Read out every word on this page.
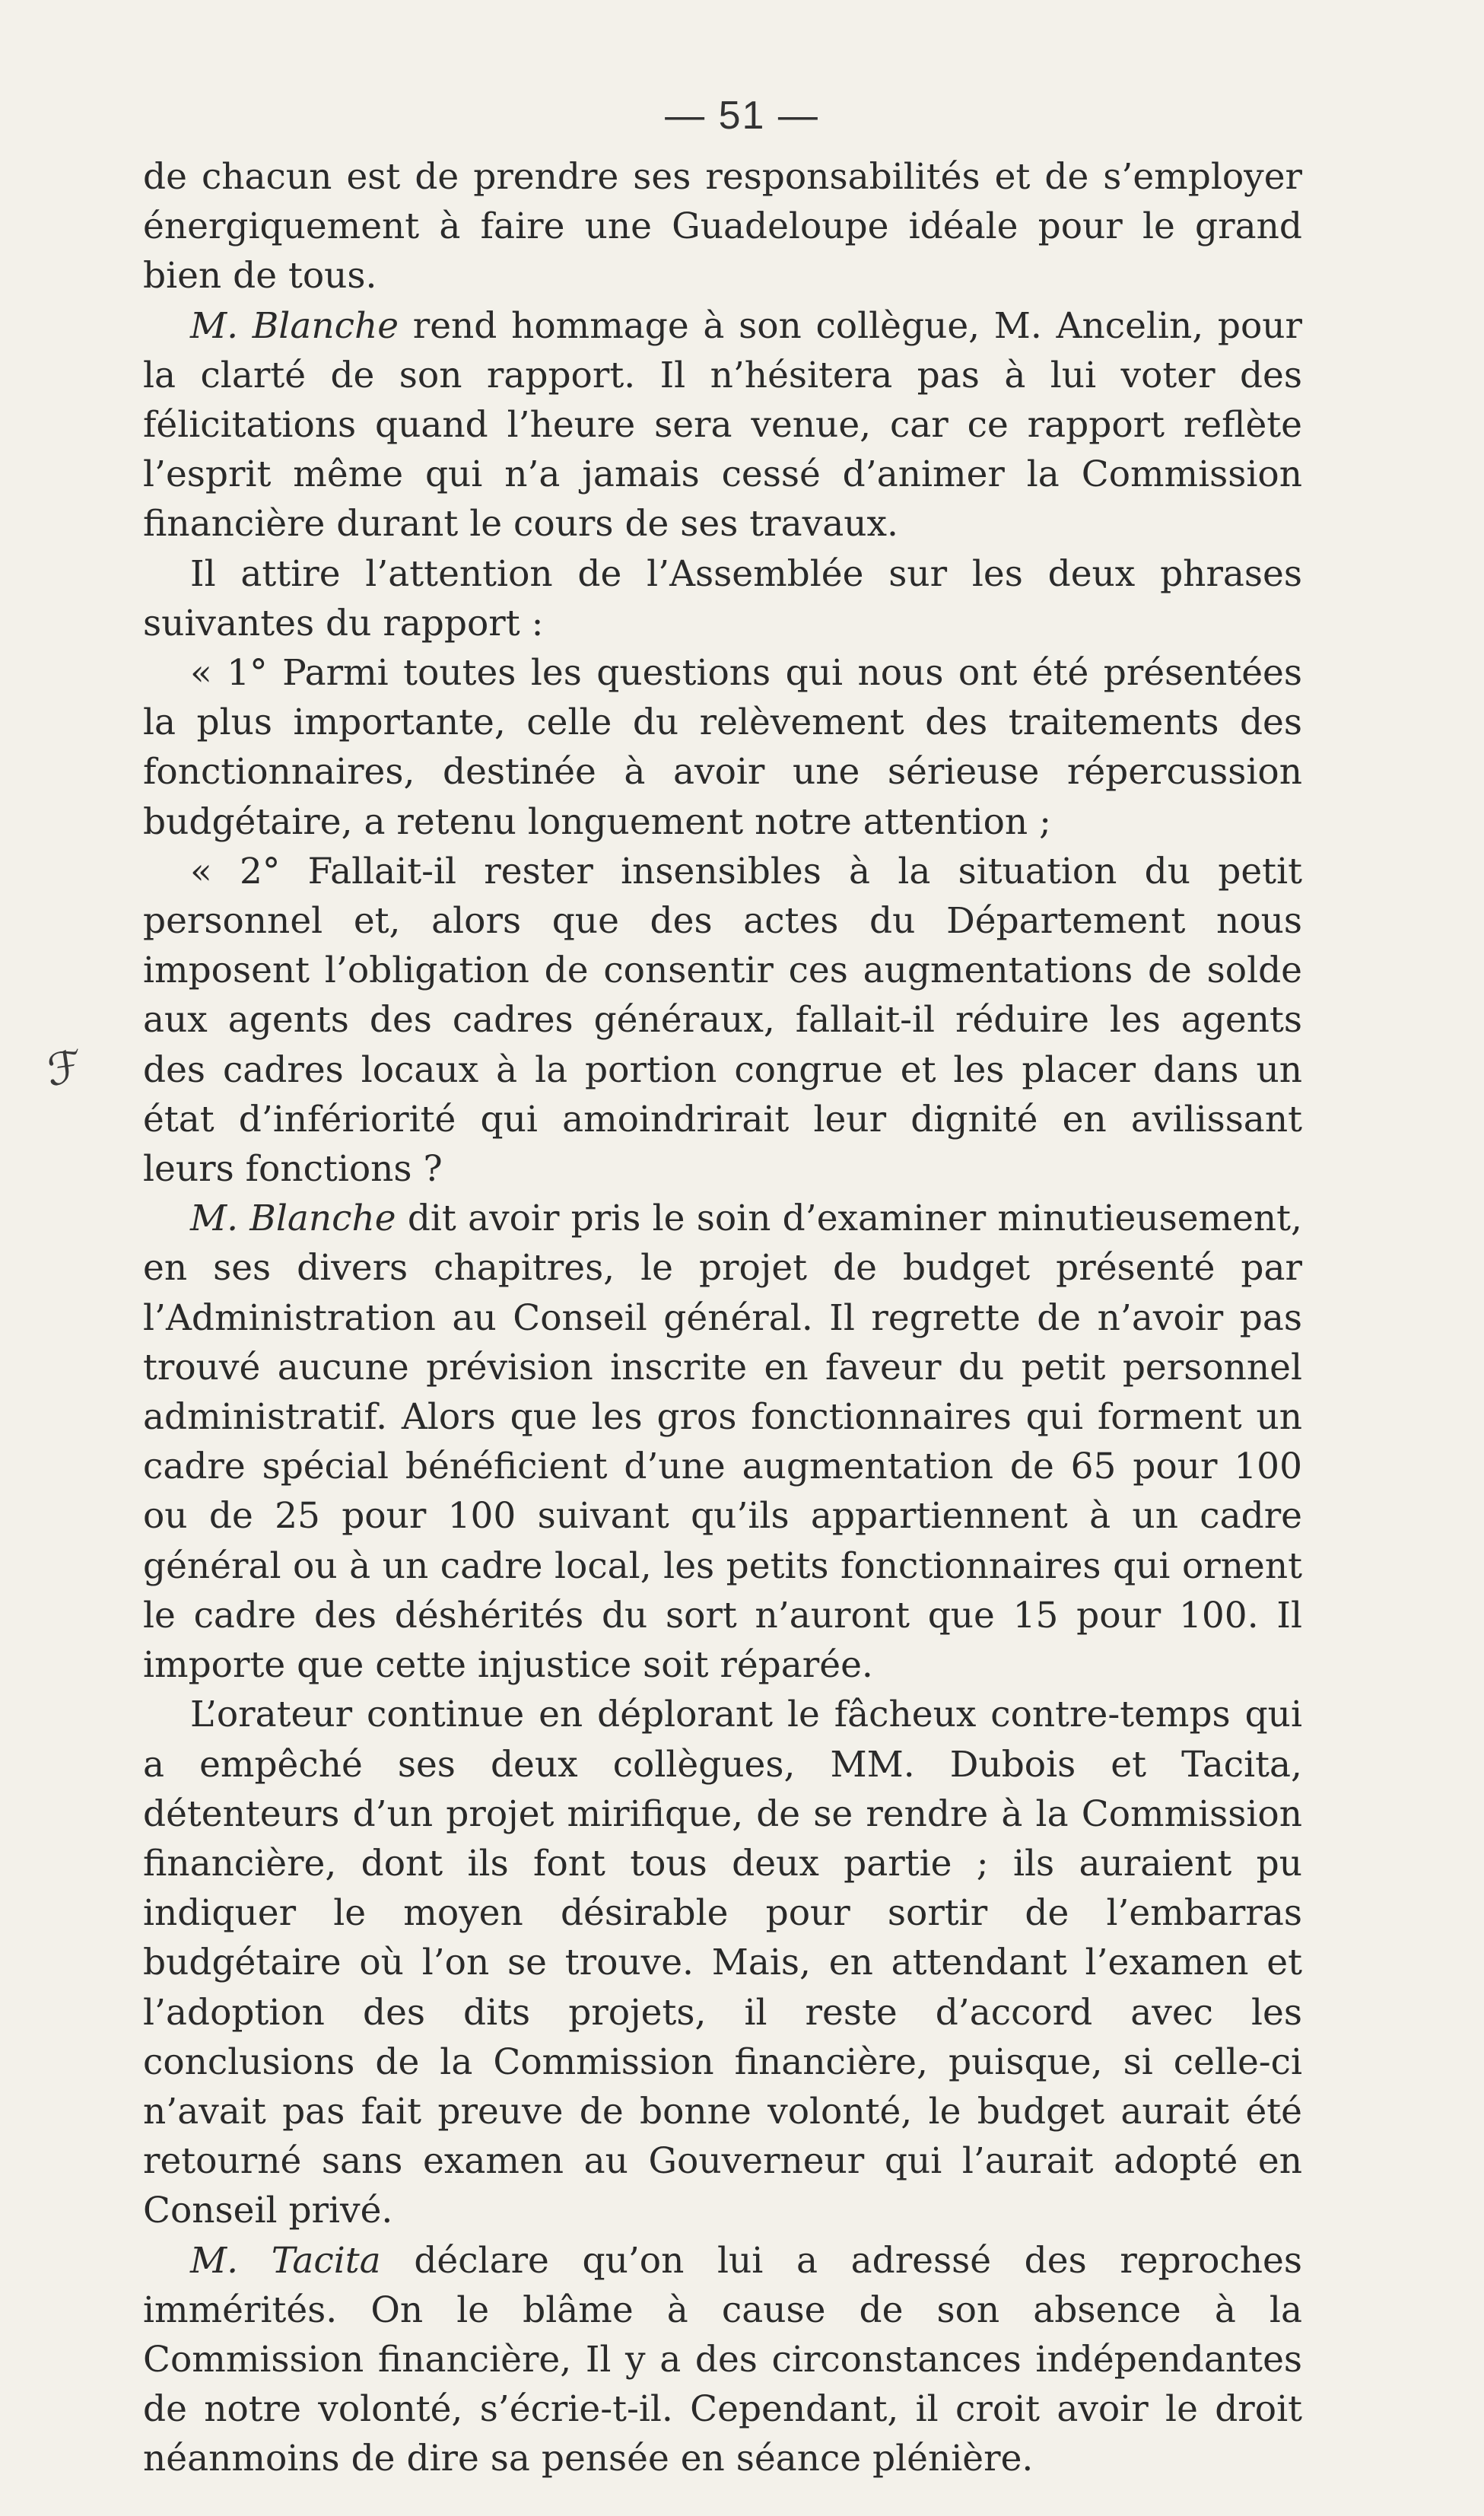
— 51 —
ℱ

de chacun est de prendre ses responsabilités et de s’employer énergiquement à faire une Guadeloupe idéale pour le grand bien de tous.

M. Blanche rend hommage à son collègue, M. Ancelin, pour la clarté de son rapport. Il n’hésitera pas à lui voter des félicitations quand l’heure sera venue, car ce rapport reflète l’esprit même qui n’a jamais cessé d’animer la Commission financière durant le cours de ses travaux.

Il attire l’attention de l’Assemblée sur les deux phrases suivantes du rapport :

« 1° Parmi toutes les questions qui nous ont été présentées la plus importante, celle du relèvement des traitements des fonctionnaires, destinée à avoir une sérieuse répercussion budgétaire, a retenu longuement notre attention ;

« 2° Fallait-il rester insensibles à la situation du petit personnel et, alors que des actes du Département nous imposent l’obligation de consentir ces augmentations de solde aux agents des cadres généraux, fallait-il réduire les agents des cadres locaux à la portion congrue et les placer dans un état d’infériorité qui amoindrirait leur dignité en avilissant leurs fonctions ?

M. Blanche dit avoir pris le soin d’examiner minutieusement, en ses divers chapitres, le projet de budget présenté par l’Administration au Conseil général. Il regrette de n’avoir pas trouvé aucune prévision inscrite en faveur du petit personnel administratif. Alors que les gros fonctionnaires qui forment un cadre spécial bénéficient d’une augmentation de 65 pour 100 ou de 25 pour 100 suivant qu’ils appartiennent à un cadre général ou à un cadre local, les petits fonctionnaires qui ornent le cadre des déshérités du sort n’auront que 15 pour 100. Il importe que cette injustice soit réparée.

L’orateur continue en déplorant le fâcheux contre-temps qui a empêché ses deux collègues, MM. Dubois et Tacita, détenteurs d’un projet mirifique, de se rendre à la Commission financière, dont ils font tous deux partie ; ils auraient pu indiquer le moyen désirable pour sortir de l’embarras budgétaire où l’on se trouve. Mais, en attendant l’examen et l’adoption des dits projets, il reste d’accord avec les conclusions de la Commission financière, puisque, si celle-ci n’avait pas fait preuve de bonne volonté, le budget aurait été retourné sans examen au Gouverneur qui l’aurait adopté en Conseil privé.

M. Tacita déclare qu’on lui a adressé des reproches immérités. On le blâme à cause de son absence à la Commission financière, Il y a des circonstances indépendantes de notre volonté, s’écrie-t-il. Cependant, il croit avoir le droit néanmoins de dire sa pensée en séance plénière.
